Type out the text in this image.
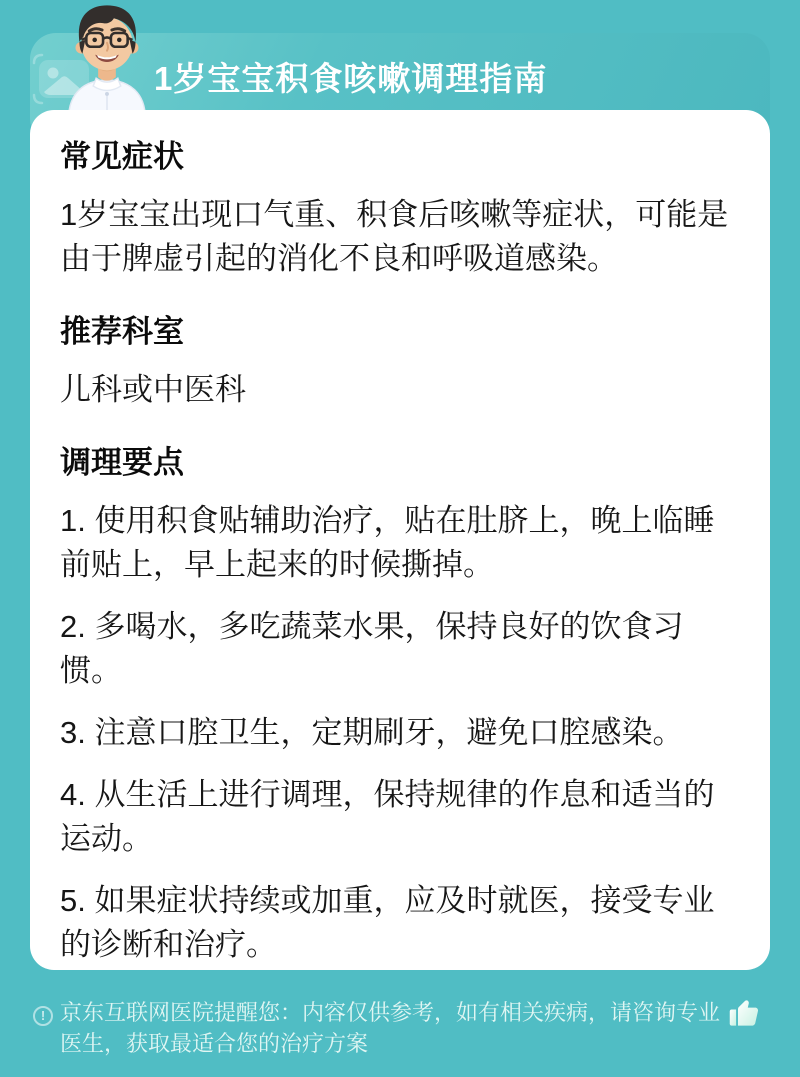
1岁宝宝积食咳嗽调理指南
常见症状

1岁宝宝出现口气重、积食后咳嗽等症状，可能是由于脾虚引起的消化不良和呼吸道感染。

推荐科室

儿科或中医科

调理要点

1. 使用积食贴辅助治疗，贴在肚脐上，晚上临睡前贴上，早上起来的时候撕掉。

2. 多喝水，多吃蔬菜水果，保持良好的饮食习惯。

3. 注意口腔卫生，定期刷牙，避免口腔感染。

4. 从生活上进行调理，保持规律的作息和适当的运动。

5. 如果症状持续或加重，应及时就医，接受专业的诊断和治疗。

! 京东互联网医院提醒您：内容仅供参考，如有相关疾病，请咨询专业医生，获取最适合您的治疗方案
